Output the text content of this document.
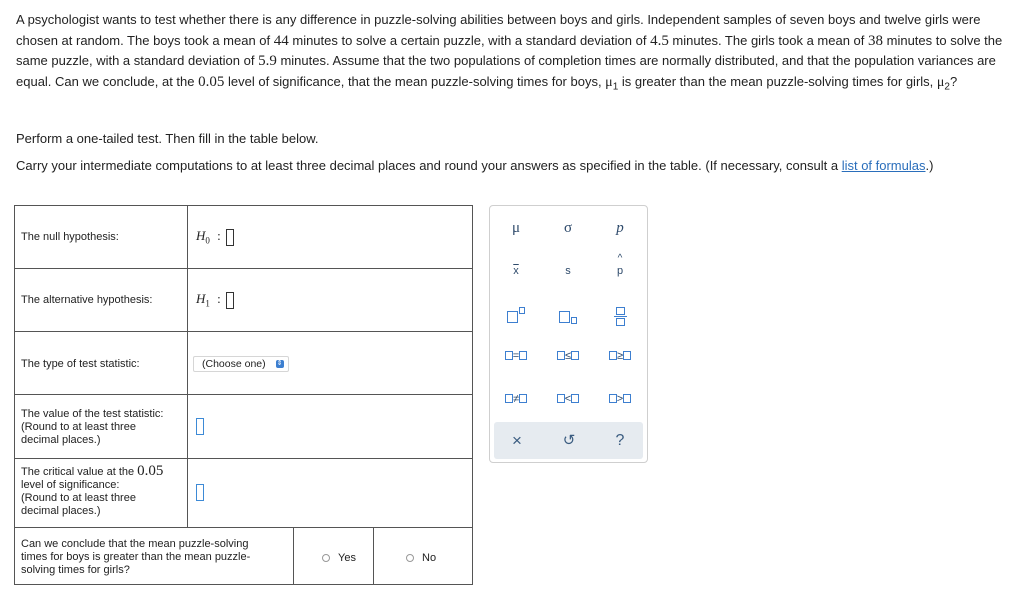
A psychologist wants to test whether there is any difference in puzzle-solving abilities between boys and girls. Independent samples of seven boys and twelve girls were chosen at random. The boys took a mean of 44 minutes to solve a certain puzzle, with a standard deviation of 4.5 minutes. The girls took a mean of 38 minutes to solve the same puzzle, with a standard deviation of 5.9 minutes. Assume that the two populations of completion times are normally distributed, and that the population variances are equal. Can we conclude, at the 0.05 level of significance, that the mean puzzle-solving times for boys, $\mu_1$ is greater than the mean puzzle-solving times for girls, $\mu_2$?
Perform a one-tailed test. Then fill in the table below.
Carry your intermediate computations to at least three decimal places and round your answers as specified in the table. (If necessary, consult a list of formulas.)
The null hypothesis:	$H_0$ :
The alternative hypothesis:	$H_1$ :
The type of test statistic:	(Choose one) ⇕
The value of the test statistic:
(Round to at least three
decimal places.)
The critical value at the 0.05
level of significance:
(Round to at least three
decimal places.)
Can we conclude that the mean puzzle-solving
times for boys is greater than the mean puzzle-
solving times for girls?
Yes	No
μ	σ	p
$\overline{x}$	s
^
p
=	≤	≥
≠	<	>
×	↺	?
